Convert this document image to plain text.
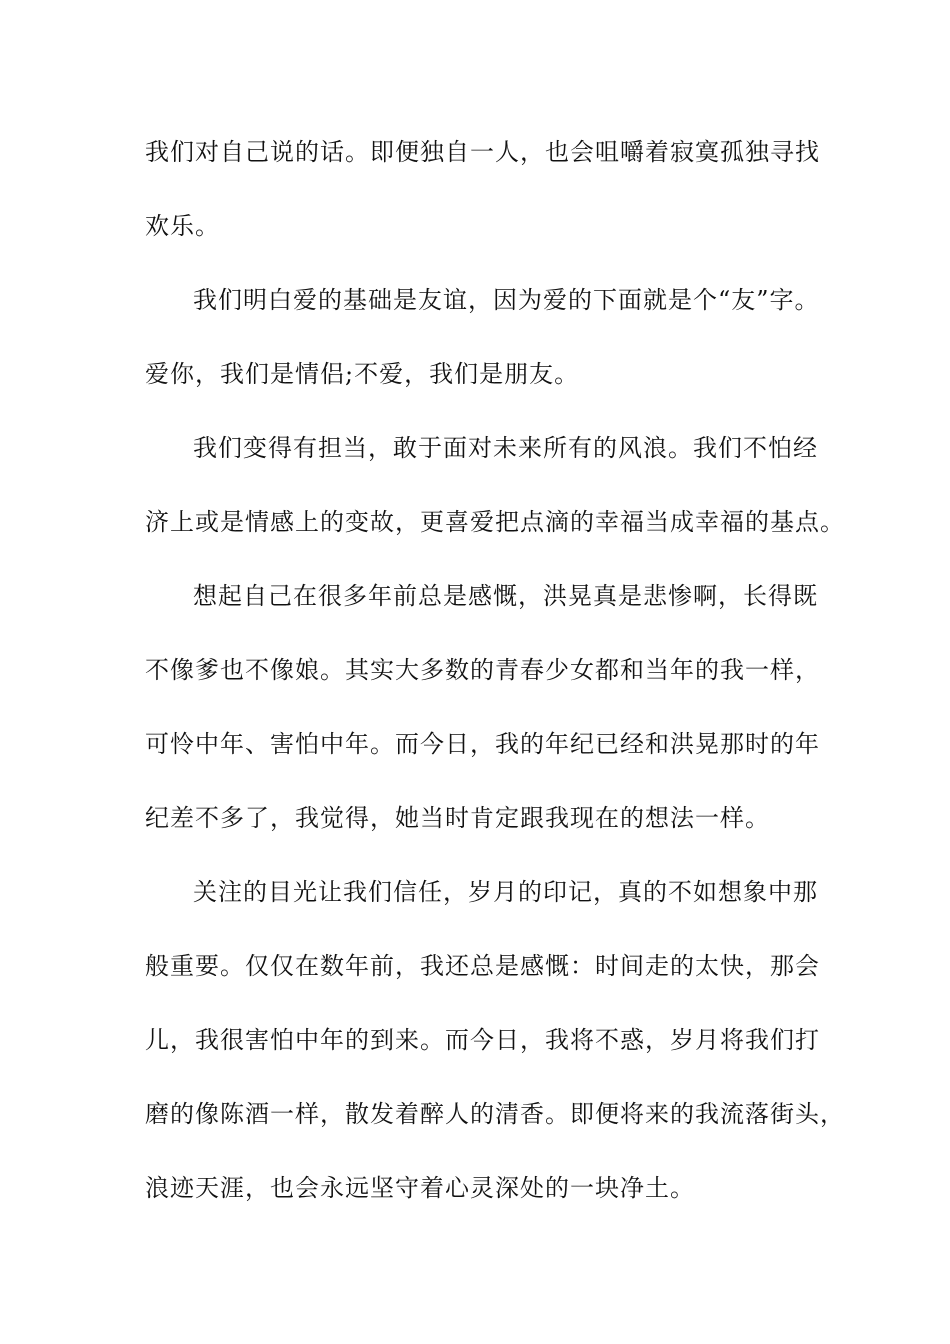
我们对自己说的话。即便独自一人，也会咀嚼着寂寞孤独寻找
欢乐。
我们明白爱的基础是友谊，因为爱的下面就是个“友”字。
爱你，我们是情侣;不爱，我们是朋友。
我们变得有担当，敢于面对未来所有的风浪。我们不怕经
济上或是情感上的变故，更喜爱把点滴的幸福当成幸福的基点。
想起自己在很多年前总是感慨，洪晃真是悲惨啊，长得既
不像爹也不像娘。其实大多数的青春少女都和当年的我一样，
可怜中年、害怕中年。而今日，我的年纪已经和洪晃那时的年
纪差不多了，我觉得，她当时肯定跟我现在的想法一样。
关注的目光让我们信任，岁月的印记，真的不如想象中那
般重要。仅仅在数年前，我还总是感慨：时间走的太快，那会
儿，我很害怕中年的到来。而今日，我将不惑，岁月将我们打
磨的像陈酒一样，散发着醉人的清香。即便将来的我流落街头，
浪迹天涯，也会永远坚守着心灵深处的一块净土。
